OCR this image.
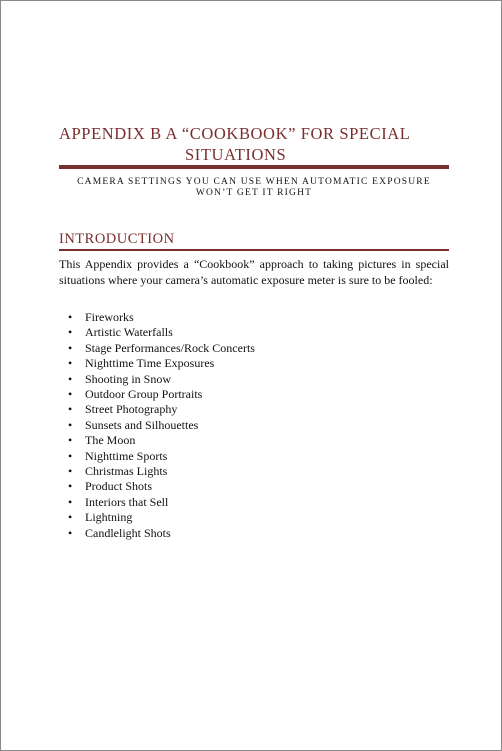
APPENDIX B A “COOKBOOK” FOR SPECIAL
SITUATIONS
CAMERA SETTINGS YOU CAN USE WHEN AUTOMATIC EXPOSURE
WON’T GET IT RIGHT
INTRODUCTION

This Appendix provides a “Cookbook” approach to taking pictures in special situations where your camera’s automatic exposure meter is sure to be fooled:

• Fireworks
• Artistic Waterfalls
• Stage Performances/Rock Concerts
• Nighttime Time Exposures
• Shooting in Snow
• Outdoor Group Portraits
• Street Photography
• Sunsets and Silhouettes
• The Moon
• Nighttime Sports
• Christmas Lights
• Product Shots
• Interiors that Sell
• Lightning
• Candlelight Shots
